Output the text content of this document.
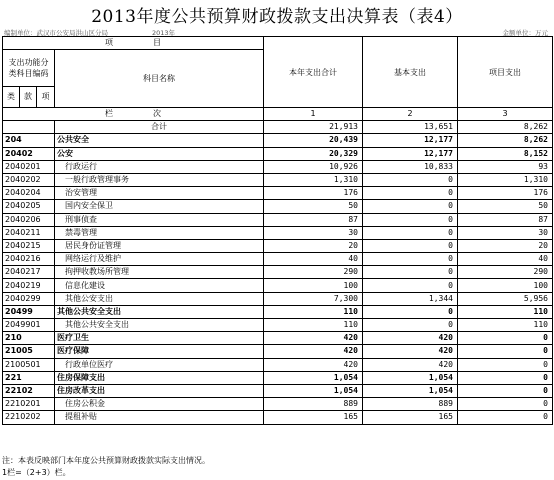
2013年度公共预算财政拨款支出决算表（表4）
编制单位：武汉市公安局洪山区分局	2013年	金额单位：万元
项　　　　　目				本年支出合计	基本支出	项目支出
支出功能分类科目编码			科目名称			
类	款	项				
栏　　　　　次				1	2	3
			合计	21,913	13,651	8,262
204			公共安全	20,439	12,177	8,262
20402			公安	20,329	12,177	8,152
2040201			　行政运行	10,926	10,833	93
2040202			　一般行政管理事务	1,310	0	1,310
2040204			　治安管理	176	0	176
2040205			　国内安全保卫	50	0	50
2040206			　刑事侦查	87	0	87
2040211			　禁毒管理	30	0	30
2040215			　居民身份证管理	20	0	20
2040216			　网络运行及维护	40	0	40
2040217			　拘押收教场所管理	290	0	290
2040219			　信息化建设	100	0	100
2040299			　其他公安支出	7,300	1,344	5,956
20499			其他公共安全支出	110	0	110
2049901			　其他公共安全支出	110	0	110
210			医疗卫生	420	420	0
21005			医疗保障	420	420	0
2100501			　行政单位医疗	420	420	0
221			住房保障支出	1,054	1,054	0
22102			住房改革支出	1,054	1,054	0
2210201			　住房公积金	889	889	0
2210202			　提租补贴	165	165	0
注：本表反映部门本年度公共预算财政拨款实际支出情况。
1栏=（2+3）栏。
